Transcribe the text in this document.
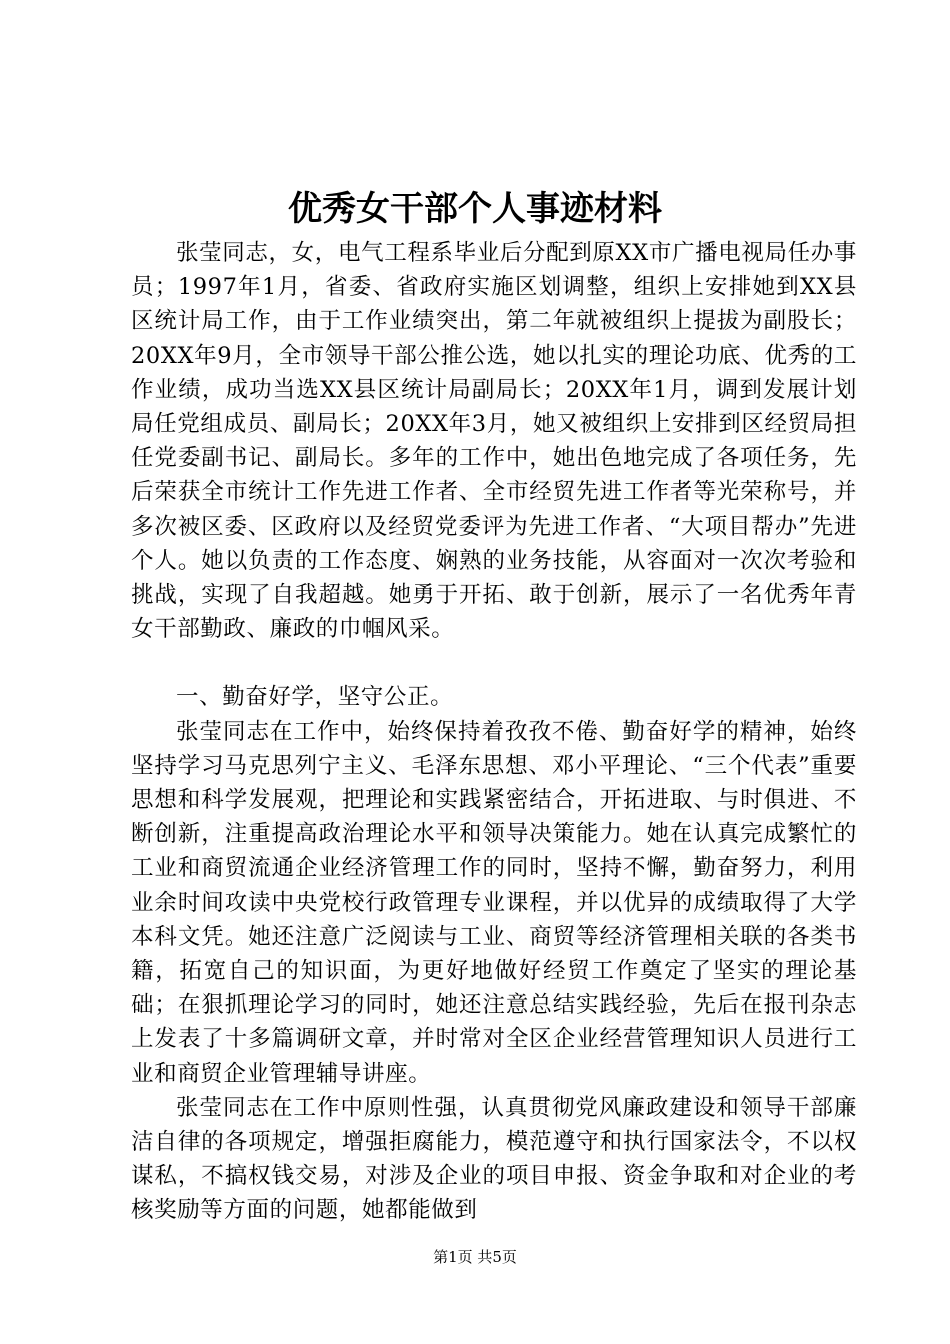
优秀女干部个人事迹材料

张莹同志，女，电气工程系毕业后分配到原XX市广播电视局任办事员；1997年1月，省委、省政府实施区划调整，组织上安排她到XX县区统计局工作，由于工作业绩突出，第二年就被组织上提拔为副股长；20XX年9月，全市领导干部公推公选，她以扎实的理论功底、优秀的工作业绩，成功当选XX县区统计局副局长；20XX年1月，调到发展计划局任党组成员、副局长；20XX年3月，她又被组织上安排到区经贸局担任党委副书记、副局长。多年的工作中，她出色地完成了各项任务，先后荣获全市统计工作先进工作者、全市经贸先进工作者等光荣称号，并多次被区委、区政府以及经贸党委评为先进工作者、“大项目帮办”先进个人。她以负责的工作态度、娴熟的业务技能，从容面对一次次考验和挑战，实现了自我超越。她勇于开拓、敢于创新，展示了一名优秀年青女干部勤政、廉政的巾帼风采。

一、勤奋好学，坚守公正。

张莹同志在工作中，始终保持着孜孜不倦、勤奋好学的精神，始终坚持学习马克思列宁主义、毛泽东思想、邓小平理论、“三个代表”重要思想和科学发展观，把理论和实践紧密结合，开拓进取、与时俱进、不断创新，注重提高政治理论水平和领导决策能力。她在认真完成繁忙的工业和商贸流通企业经济管理工作的同时，坚持不懈，勤奋努力，利用业余时间攻读中央党校行政管理专业课程，并以优异的成绩取得了大学本科文凭。她还注意广泛阅读与工业、商贸等经济管理相关联的各类书籍，拓宽自己的知识面，为更好地做好经贸工作奠定了坚实的理论基础；在狠抓理论学习的同时，她还注意总结实践经验，先后在报刊杂志上发表了十多篇调研文章，并时常对全区企业经营管理知识人员进行工业和商贸企业管理辅导讲座。

张莹同志在工作中原则性强，认真贯彻党风廉政建设和领导干部廉洁自律的各项规定，增强拒腐能力，模范遵守和执行国家法令，不以权谋私，不搞权钱交易，对涉及企业的项目申报、资金争取和对企业的考核奖励等方面的问题，她都能做到

第1页 共5页
